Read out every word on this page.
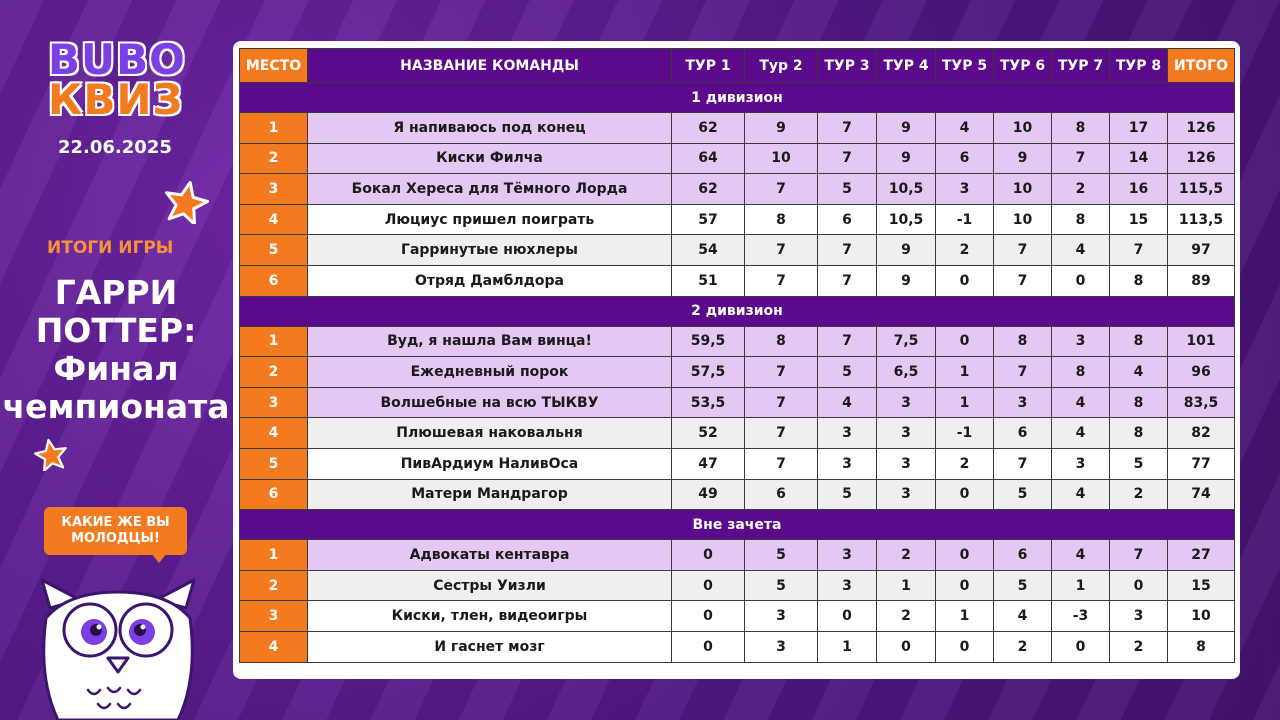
BUBO
КВИЗ
22.06.2025
ИТОГИ ИГРЫ
ГАРРИ
ПОТТЕР:
Финал
чемпионата
КАКИЕ ЖЕ ВЫ
МОЛОДЦЫ!
МЕСТО	НАЗВАНИЕ КОМАНДЫ	ТУР 1	Тур 2	ТУР 3	ТУР 4	ТУР 5	ТУР 6	ТУР 7	ТУР 8	ИТОГО
1 дивизион										
1	Я напиваюсь под конец	62	9	7	9	4	10	8	17	126
2	Киски Филча	64	10	7	9	6	9	7	14	126
3	Бокал Хереса для Тёмного Лорда	62	7	5	10,5	3	10	2	16	115,5
4	Люциус пришел поиграть	57	8	6	10,5	-1	10	8	15	113,5
5	Гарринутые нюхлеры	54	7	7	9	2	7	4	7	97
6	Отряд Дамблдора	51	7	7	9	0	7	0	8	89
2 дивизион										
1	Вуд, я нашла Вам винца!	59,5	8	7	7,5	0	8	3	8	101
2	Ежедневный порок	57,5	7	5	6,5	1	7	8	4	96
3	Волшебные на всю ТЫКВУ	53,5	7	4	3	1	3	4	8	83,5
4	Плюшевая наковальня	52	7	3	3	-1	6	4	8	82
5	ПивАрдиум НаливОса	47	7	3	3	2	7	3	5	77
6	Матери Мандрагор	49	6	5	3	0	5	4	2	74
Вне зачета										
1	Адвокаты кентавра	0	5	3	2	0	6	4	7	27
2	Сестры Уизли	0	5	3	1	0	5	1	0	15
3	Киски, тлен, видеоигры	0	3	0	2	1	4	-3	3	10
4	И гаснет мозг	0	3	1	0	0	2	0	2	8
